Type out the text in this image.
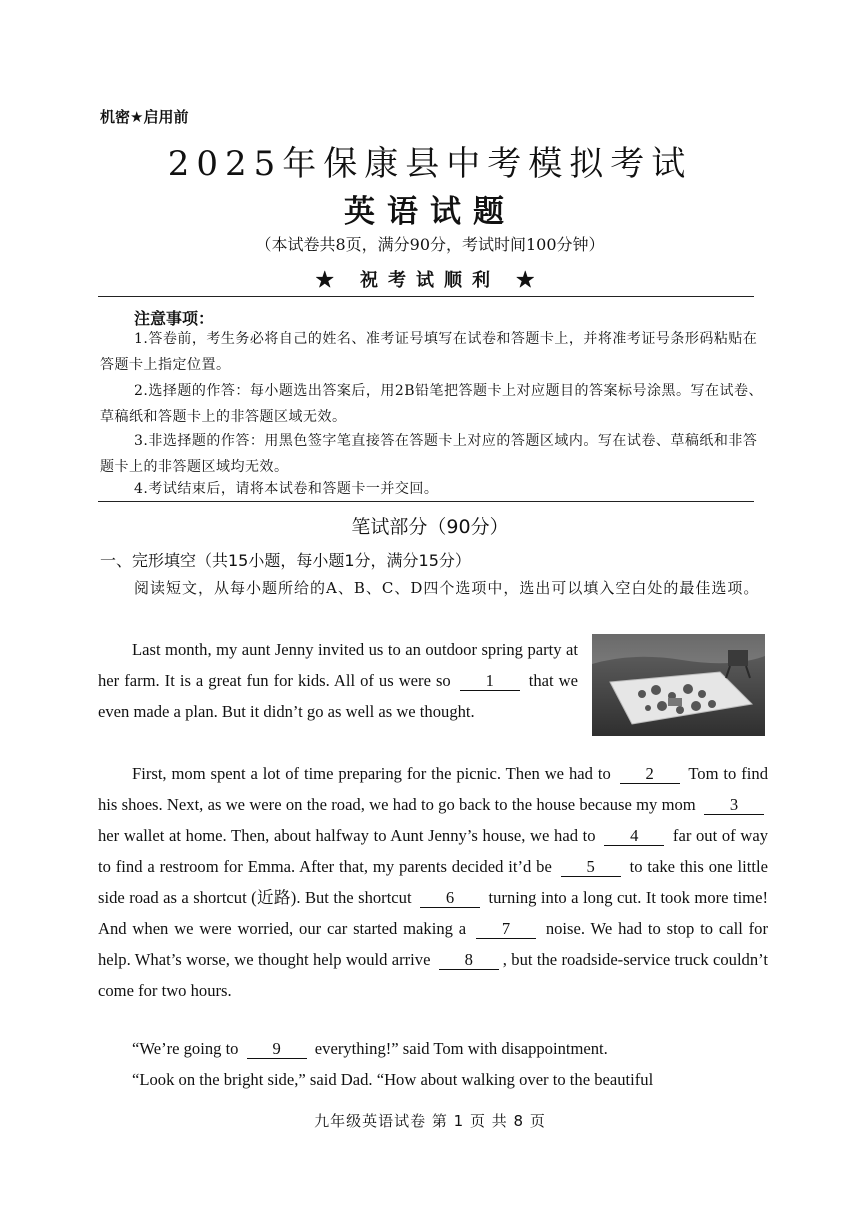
机密★启用前
2025年保康县中考模拟考试
英语试题
（本试卷共8页，满分90分，考试时间100分钟）
★ 祝考试顺利 ★
注意事项：
1.答卷前，考生务必将自己的姓名、准考证号填写在试卷和答题卡上，并将准考证号条形码粘贴在答题卡上指定位置。
2.选择题的作答：每小题选出答案后，用2B铅笔把答题卡上对应题目的答案标号涂黑。写在试卷、草稿纸和答题卡上的非答题区域无效。
3.非选择题的作答：用黑色签字笔直接答在答题卡上对应的答题区域内。写在试卷、草稿纸和非答题卡上的非答题区域均无效。
4.考试结束后，请将本试卷和答题卡一并交回。
笔试部分（90分）
一、完形填空（共15小题，每小题1分，满分15分）
阅读短文，从每小题所给的A、B、C、D四个选项中，选出可以填入空白处的最佳选项。
Last month, my aunt Jenny invited us to an outdoor spring party at her farm. It is a great fun for kids. All of us were so 1 that we even made a plan. But it didn’t go as well as we thought.
First, mom spent a lot of time preparing for the picnic. Then we had to 2 Tom to find his shoes. Next, as we were on the road, we had to go back to the house because my mom 3 her wallet at home. Then, about halfway to Aunt Jenny’s house, we had to 4 far out of way to find a restroom for Emma. After that, my parents decided it’d be 5 to take this one little side road as a shortcut (近路). But the shortcut 6 turning into a long cut. It took more time! And when we were worried, our car started making a 7 noise. We had to stop to call for help. What’s worse, we thought help would arrive 8 , but the roadside-service truck couldn’t come for two hours.
“We’re going to 9 everything!” said Tom with disappointment.
“Look on the bright side,” said Dad. “How about walking over to the beautiful
九年级英语试卷 第 1 页 共 8 页
